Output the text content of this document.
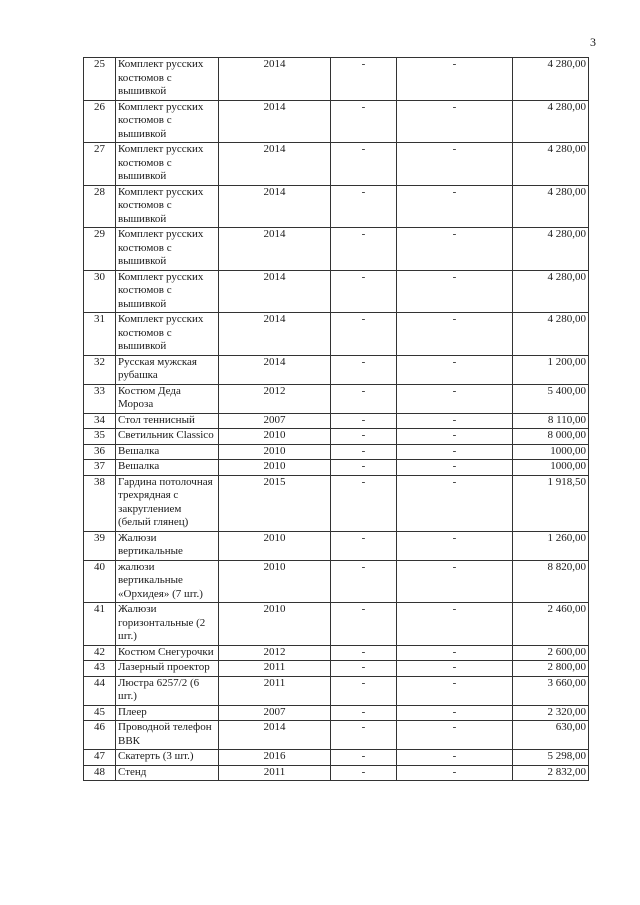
3
25	Комплект русских костюмов с вышивкой	2014	-	-	4 280,00
26	Комплект русских костюмов с вышивкой	2014	-	-	4 280,00
27	Комплект русских костюмов с вышивкой	2014	-	-	4 280,00
28	Комплект русских костюмов с вышивкой	2014	-	-	4 280,00
29	Комплект русских костюмов с вышивкой	2014	-	-	4 280,00
30	Комплект русских костюмов с вышивкой	2014	-	-	4 280,00
31	Комплект русских костюмов с вышивкой	2014	-	-	4 280,00
32	Русская мужская рубашка	2014	-	-	1 200,00
33	Костюм Деда Мороза	2012	-	-	5 400,00
34	Стол теннисный	2007	-	-	8 110,00
35	Светильник Classico	2010	-	-	8 000,00
36	Вешалка	2010	-	-	1000,00
37	Вешалка	2010	-	-	1000,00
38	Гардина потолочная трехрядная с закруглением (белый глянец)	2015	-	-	1 918,50
39	Жалюзи вертикальные	2010	-	-	1 260,00
40	жалюзи вертикальные «Орхидея» (7 шт.)	2010	-	-	8 820,00
41	Жалюзи горизонтальные (2 шт.)	2010	-	-	2 460,00
42	Костюм Снегурочки	2012	-	-	2 600,00
43	Лазерный проектор	2011	-	-	2 800,00
44	Люстра 6257/2 (6 шт.)	2011	-	-	3 660,00
45	Плеер	2007	-	-	2 320,00
46	Проводной телефон ВВК	2014	-	-	630,00
47	Скатерть (3 шт.)	2016	-	-	5 298,00
48	Стенд	2011	-	-	2 832,00
